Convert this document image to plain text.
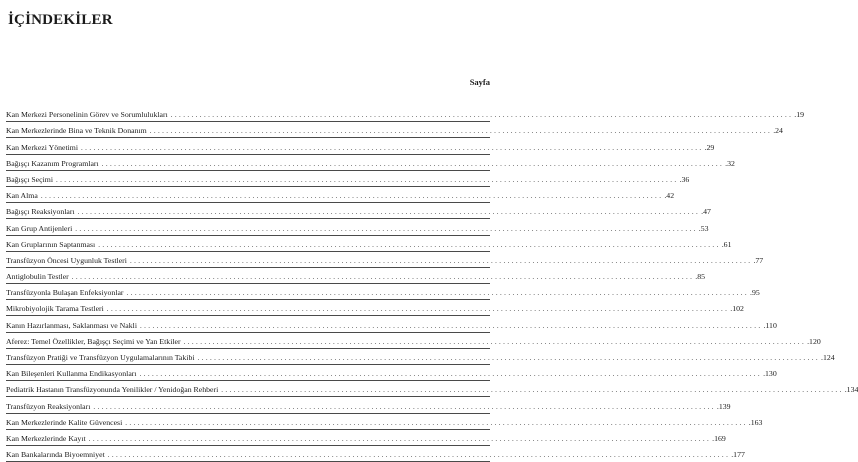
İÇİNDEKİLER
Sayfa
Kan Merkezi Personelinin Görev ve Sorumlulukları ...................................................................................................................................................... .19
Kan Merkezlerinde Bina ve Teknik Donanım ...................................................................................................................................................... .24
Kan Merkezi Yönetimi ...................................................................................................................................................... .29
Bağışçı Kazanım Programları ...................................................................................................................................................... .32
Bağışçı Seçimi ...................................................................................................................................................... .36
Kan Alma ...................................................................................................................................................... .42
Bağışçı Reaksiyonları ...................................................................................................................................................... .47
Kan Grup Antijenleri ...................................................................................................................................................... .53
Kan Gruplarının Saptanması ...................................................................................................................................................... .61
Transfüzyon Öncesi Uygunluk Testleri ...................................................................................................................................................... .77
Antiglobulin Testler ...................................................................................................................................................... .85
Transfüzyonla Bulaşan Enfeksiyonlar ...................................................................................................................................................... .95
Mikrobiyolojik Tarama Testleri ...................................................................................................................................................... .102
Kanın Hazırlanması, Saklanması ve Nakli ...................................................................................................................................................... .110
Aferez: Temel Özellikler, Bağışçı Seçimi ve Yan Etkiler ...................................................................................................................................................... .120
Transfüzyon Pratiği ve Transfüzyon Uygulamalarının Takibi ...................................................................................................................................................... .124
Kan Bileşenleri Kullanma Endikasyonları ...................................................................................................................................................... .130
Pediatrik Hastanın Transfüzyonunda Yenilikler / Yenidoğan Rehberi ...................................................................................................................................................... .134
Transfüzyon Reaksiyonları ...................................................................................................................................................... .139
Kan Merkezlerinde Kalite Güvencesi ...................................................................................................................................................... .163
Kan Merkezlerinde Kayıt ...................................................................................................................................................... .169
Kan Bankalarında Biyoemniyet ...................................................................................................................................................... .177
